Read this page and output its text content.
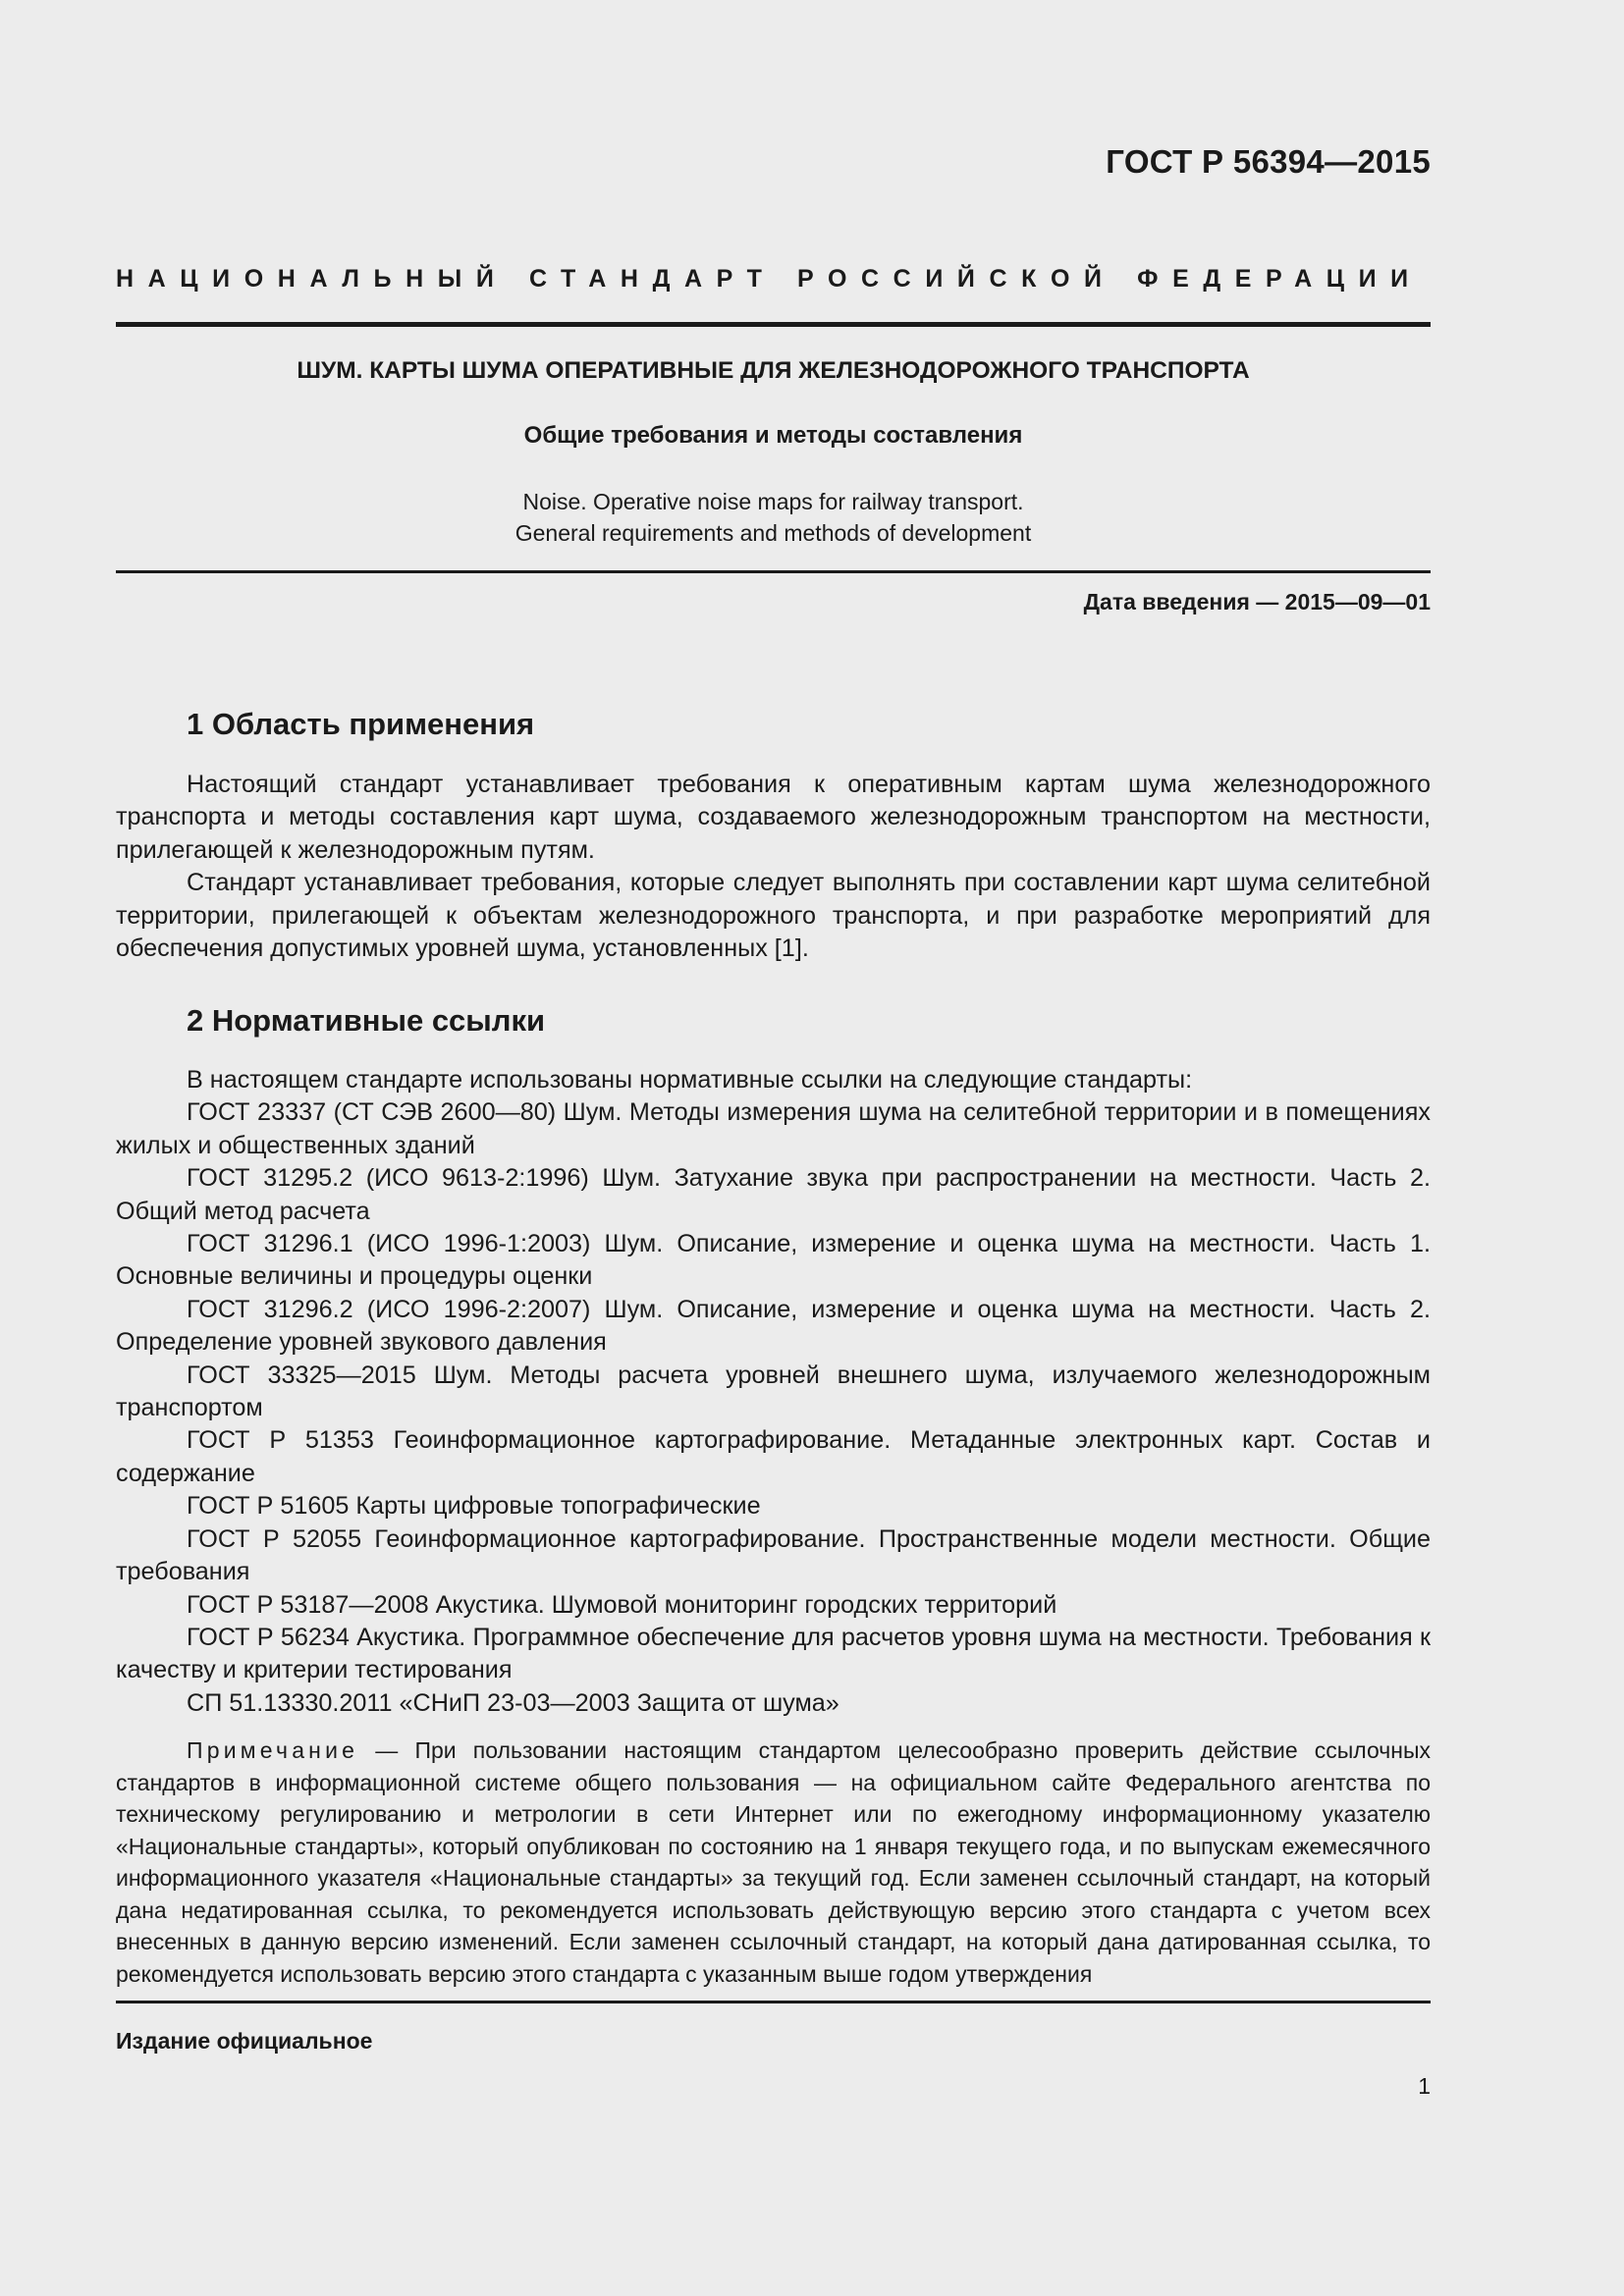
ГОСТ Р 56394—2015
НАЦИОНАЛЬНЫЙ СТАНДАРТ РОССИЙСКОЙ ФЕДЕРАЦИИ
ШУМ. КАРТЫ ШУМА ОПЕРАТИВНЫЕ ДЛЯ ЖЕЛЕЗНОДОРОЖНОГО ТРАНСПОРТА
Общие требования и методы составления
Noise. Operative noise maps for railway transport.
General requirements and methods of development
Дата введения — 2015—09—01
1 Область применения

Настоящий стандарт устанавливает требования к оперативным картам шума железнодорожного транспорта и методы составления карт шума, создаваемого железнодорожным транспортом на местности, прилегающей к железнодорожным путям.

Стандарт устанавливает требования, которые следует выполнять при составлении карт шума селитебной территории, прилегающей к объектам железнодорожного транспорта, и при разработке мероприятий для обеспечения допустимых уровней шума, установленных [1].

2 Нормативные ссылки

В настоящем стандарте использованы нормативные ссылки на следующие стандарты:

ГОСТ 23337 (СТ СЭВ 2600—80) Шум. Методы измерения шума на селитебной территории и в помещениях жилых и общественных зданий

ГОСТ 31295.2 (ИСО 9613-2:1996) Шум. Затухание звука при распространении на местности. Часть 2. Общий метод расчета

ГОСТ 31296.1 (ИСО 1996-1:2003) Шум. Описание, измерение и оценка шума на местности. Часть 1. Основные величины и процедуры оценки

ГОСТ 31296.2 (ИСО 1996-2:2007) Шум. Описание, измерение и оценка шума на местности. Часть 2. Определение уровней звукового давления

ГОСТ 33325—2015 Шум. Методы расчета уровней внешнего шума, излучаемого железнодорожным транспортом

ГОСТ Р 51353 Геоинформационное картографирование. Метаданные электронных карт. Состав и содержание

ГОСТ Р 51605 Карты цифровые топографические

ГОСТ Р 52055 Геоинформационное картографирование. Пространственные модели местности. Общие требования

ГОСТ Р 53187—2008 Акустика. Шумовой мониторинг городских территорий

ГОСТ Р 56234 Акустика. Программное обеспечение для расчетов уровня шума на местности. Требования к качеству и критерии тестирования

СП 51.13330.2011 «СНиП 23-03—2003 Защита от шума»

Примечание — При пользовании настоящим стандартом целесообразно проверить действие ссылочных стандартов в информационной системе общего пользования — на официальном сайте Федерального агентства по техническому регулированию и метрологии в сети Интернет или по ежегодному информационному указателю «Национальные стандарты», который опубликован по состоянию на 1 января текущего года, и по выпускам ежемесячного информационного указателя «Национальные стандарты» за текущий год. Если заменен ссылочный стандарт, на который дана недатированная ссылка, то рекомендуется использовать действующую версию этого стандарта с учетом всех внесенных в данную версию изменений. Если заменен ссылочный стандарт, на который дана датированная ссылка, то рекомендуется использовать версию этого стандарта с указанным выше годом утверждения

Издание официальное
1
